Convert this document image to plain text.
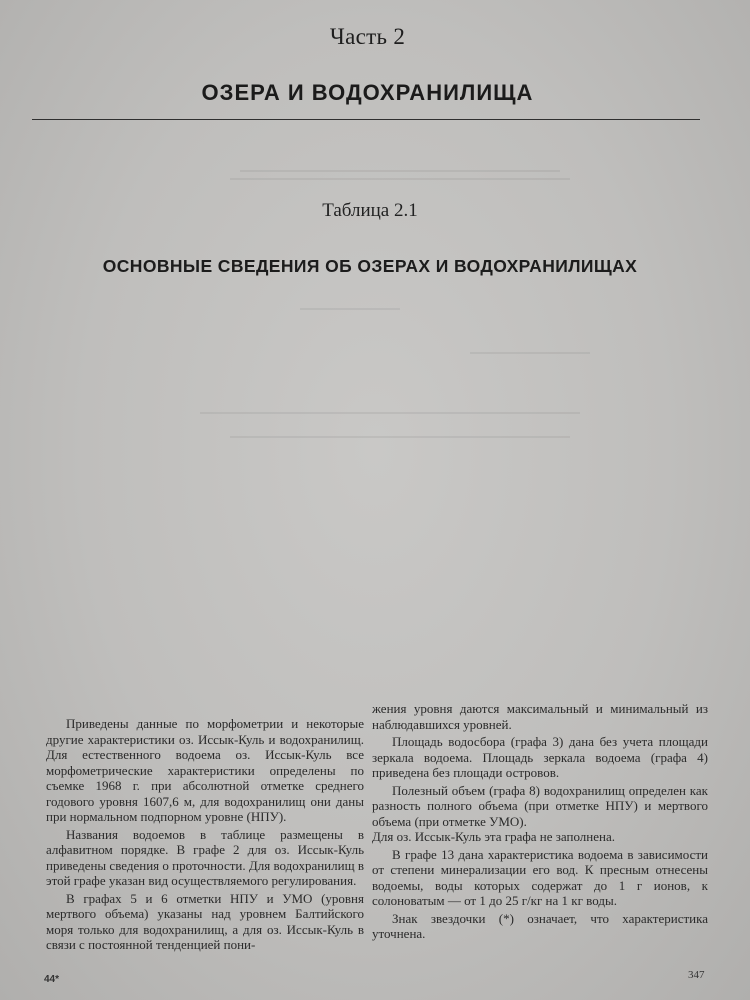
Часть 2
ОЗЕРА И ВОДОХРАНИЛИЩА
Таблица 2.1
ОСНОВНЫЕ СВЕДЕНИЯ ОБ ОЗЕРАХ И ВОДОХРАНИЛИЩАХ

Приведены данные по морфометрии и некоторые другие характеристики оз. Иссык-Куль и водохранилищ. Для естественного водоема оз. Иссык-Куль все морфометрические характеристики определены по съемке 1968 г. при абсолютной отметке среднего годового уровня 1607,6 м, для водохранилищ они даны при нормальном подпорном уровне (НПУ).

Названия водоемов в таблице размещены в алфавитном порядке. В графе 2 для оз. Иссык-Куль приведены сведения о проточности. Для водохранилищ в этой графе указан вид осуществляемого регулирования.

В графах 5 и 6 отметки НПУ и УМО (уровня мертвого объема) указаны над уровнем Балтийского моря только для водохранилищ, а для оз. Иссык-Куль в связи с постоянной тенденцией пони-

жения уровня даются максимальный и минимальный из наблюдавшихся уровней.

Площадь водосбора (графа 3) дана без учета площади зеркала водоема. Площадь зеркала водоема (графа 4) приведена без площади островов.

Полезный объем (графа 8) водохранилищ определен как разность полного объема (при отметке НПУ) и мертвого объема (при отметке УМО).

Для оз. Иссык-Куль эта графа не заполнена.

В графе 13 дана характеристика водоема в зависимости от степени минерализации его вод. К пресным отнесены водоемы, воды которых содержат до 1 г ионов, к солоноватым — от 1 до 25 г/кг на 1 кг воды.

Знак звездочки (*) означает, что характеристика уточнена.

44*	347
